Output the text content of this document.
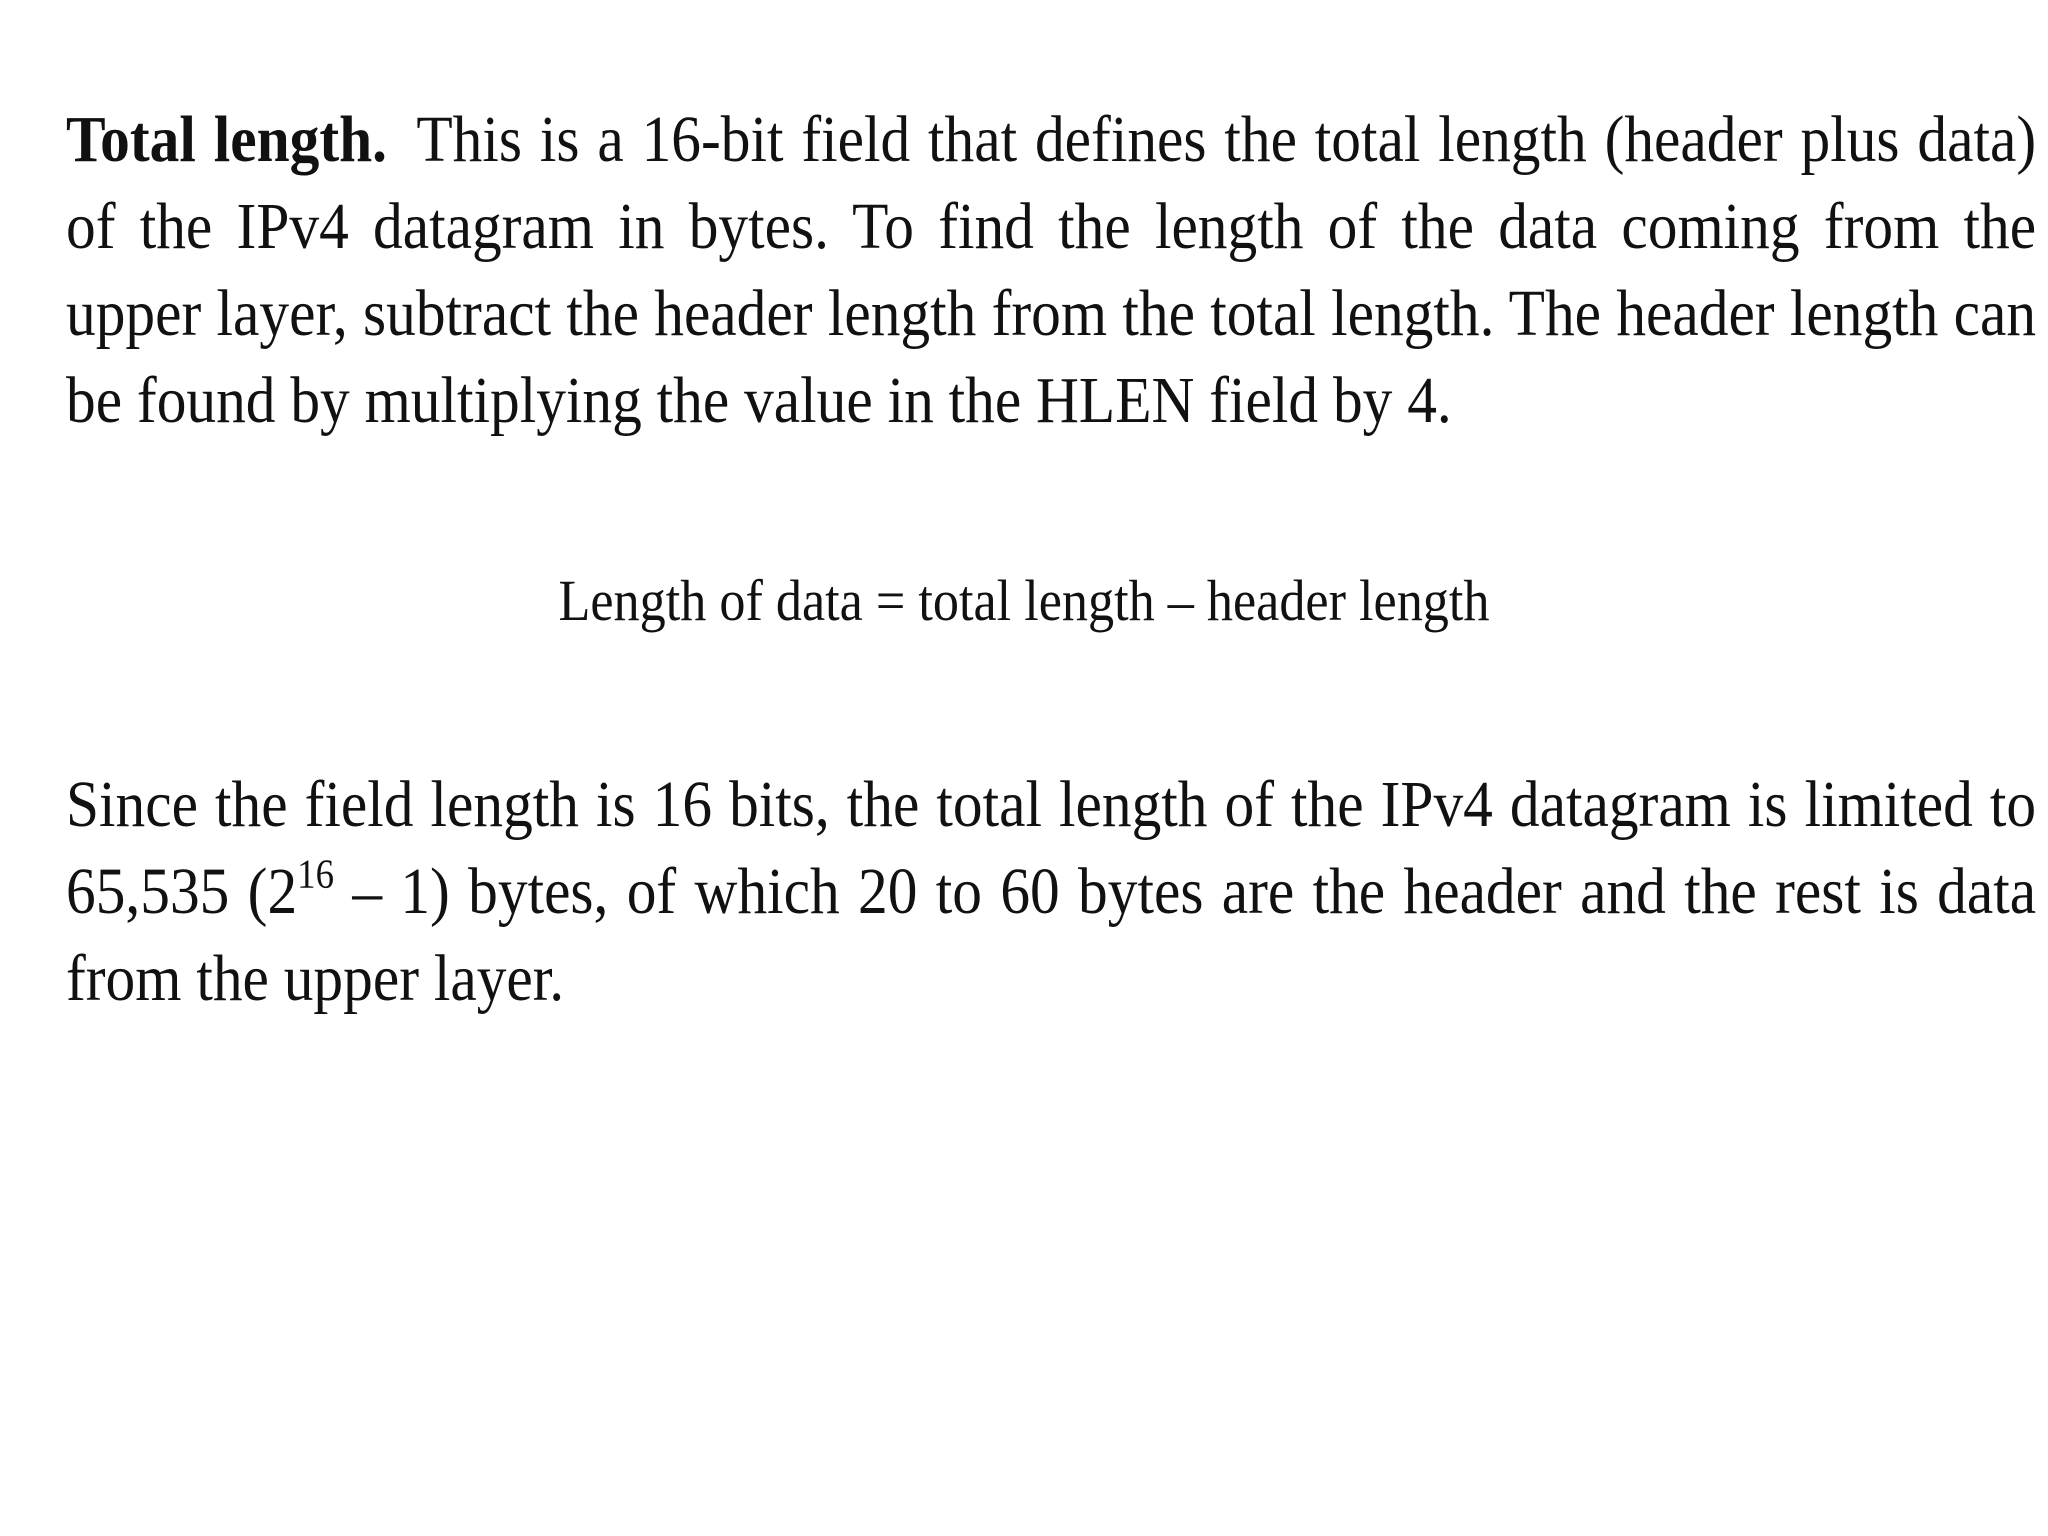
Total length. This is a 16-bit field that defines the total length (header plus data) of the IPv4 datagram in bytes. To find the length of the data coming from the upper layer, subtract the header length from the total length. The header length can be found by multiplying the value in the HLEN field by 4.

Length of data = total length – header length

Since the field length is 16 bits, the total length of the IPv4 datagram is limited to 65,535 $(2^{16} - 1)$ bytes, of which 20 to 60 bytes are the header and the rest is data from the upper layer.
